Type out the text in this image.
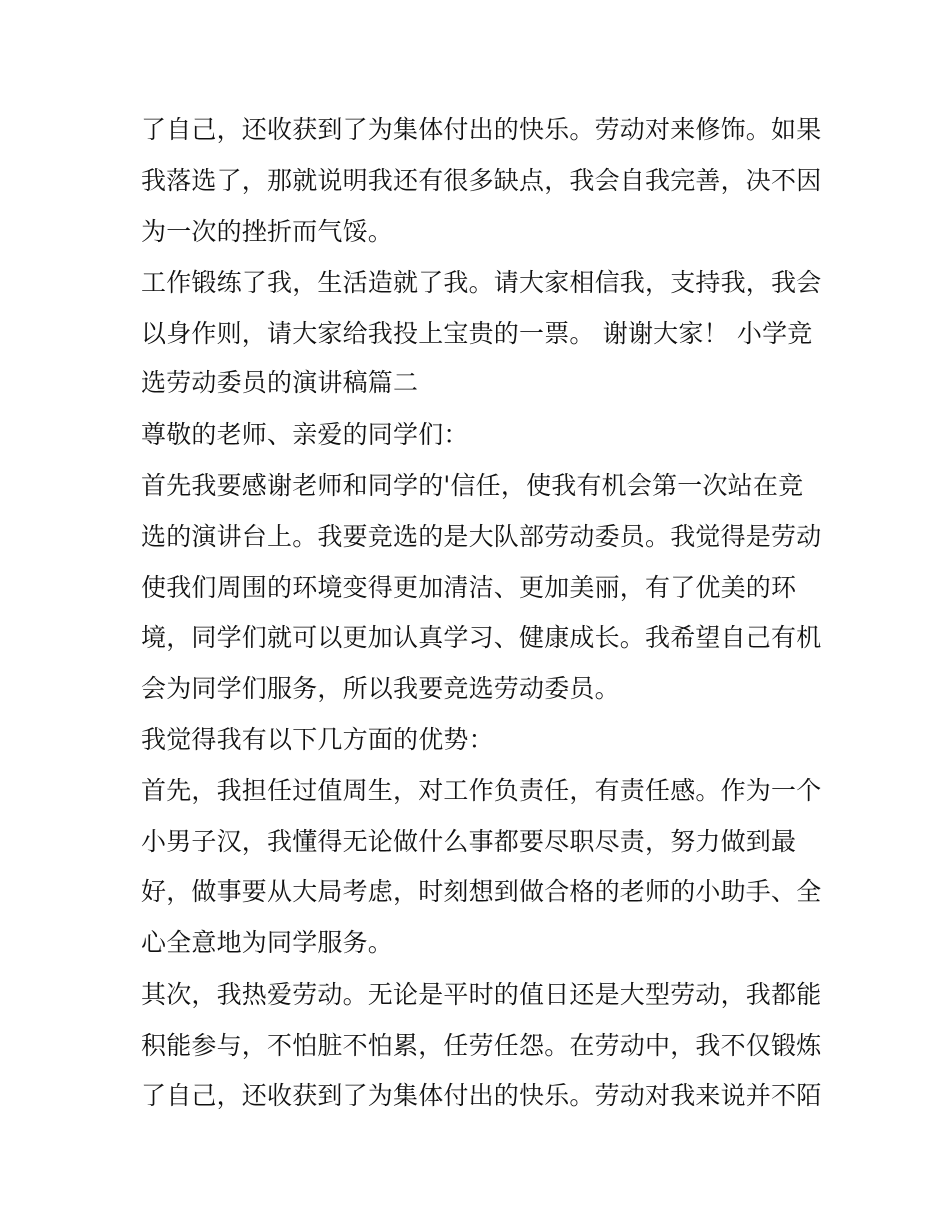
了自己，还收获到了为集体付出的快乐。劳动对来修饰。如果
我落选了，那就说明我还有很多缺点，我会自我完善，决不因
为一次的挫折而气馁。
工作锻练了我，生活造就了我。请大家相信我，支持我，我会
以身作则，请大家给我投上宝贵的一票。 谢谢大家！ 小学竞
选劳动委员的演讲稿篇二
尊敬的老师、亲爱的同学们：
首先我要感谢老师和同学的'信任，使我有机会第一次站在竞
选的演讲台上。我要竞选的是大队部劳动委员。我觉得是劳动
使我们周围的环境变得更加清洁、更加美丽，有了优美的环
境，同学们就可以更加认真学习、健康成长。我希望自己有机
会为同学们服务，所以我要竞选劳动委员。
我觉得我有以下几方面的优势：
首先，我担任过值周生，对工作负责任，有责任感。作为一个
小男子汉，我懂得无论做什么事都要尽职尽责，努力做到最
好，做事要从大局考虑，时刻想到做合格的老师的小助手、全
心全意地为同学服务。
其次，我热爱劳动。无论是平时的值日还是大型劳动，我都能
积能参与，不怕脏不怕累，任劳任怨。在劳动中，我不仅锻炼
了自己，还收获到了为集体付出的快乐。劳动对我来说并不陌
